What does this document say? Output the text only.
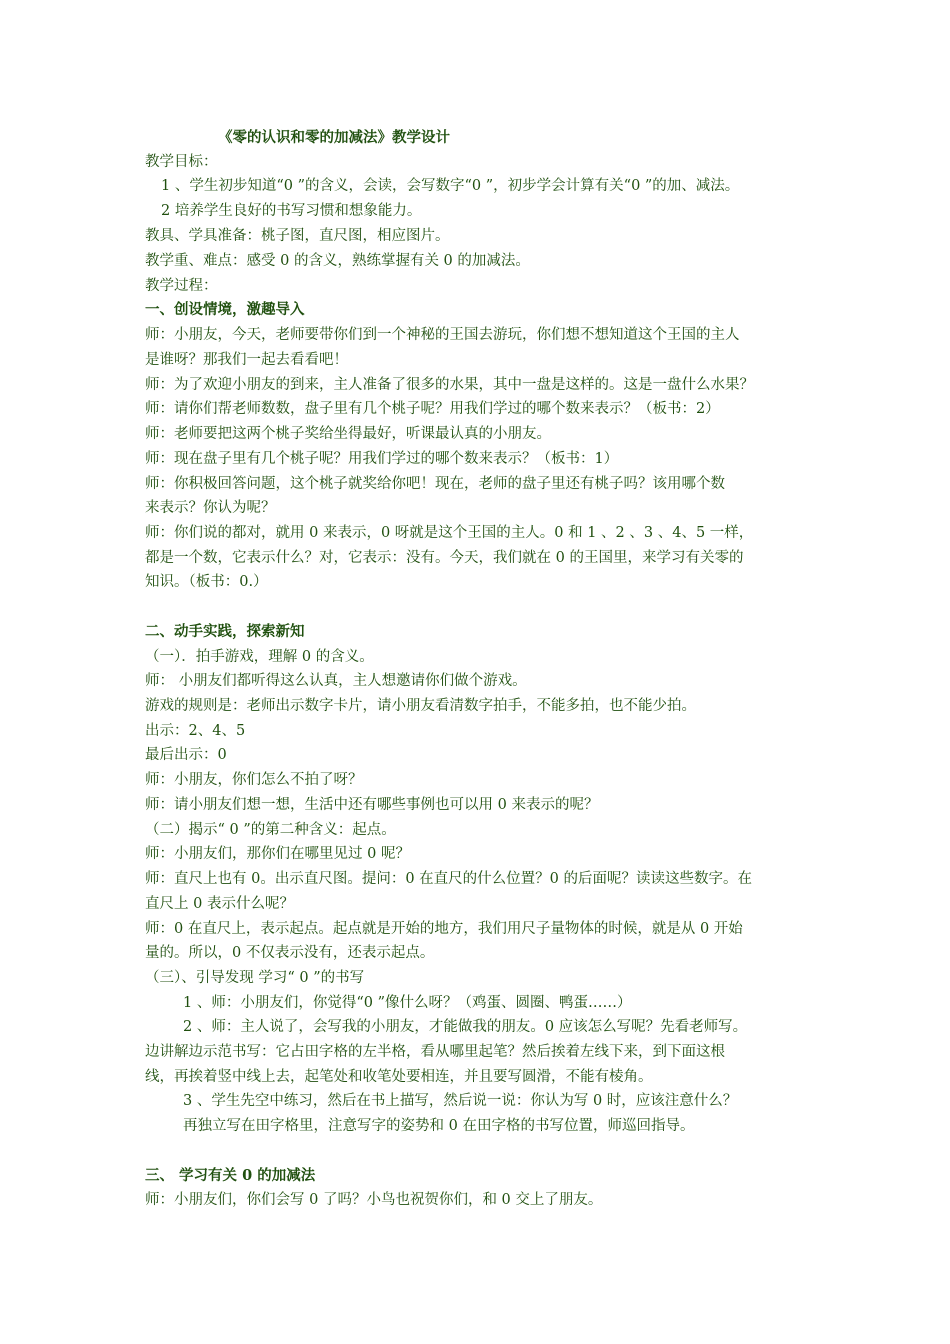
《零的认识和零的加减法》教学设计
教学目标：
1 、学生初步知道“0 ”的含义，会读，会写数字“0 ”，初步学会计算有关“0 ”的加、减法。
2 培养学生良好的书写习惯和想象能力。
教具、学具准备：桃子图，直尺图，相应图片。
教学重、难点：感受 0 的含义，熟练掌握有关 0 的加减法。
教学过程：
一、创设情境，激趣导入
师：小朋友，今天，老师要带你们到一个神秘的王国去游玩，你们想不想知道这个王国的主人
是谁呀？那我们一起去看看吧！
师：为了欢迎小朋友的到来，主人准备了很多的水果，其中一盘是这样的。这是一盘什么水果？
师：请你们帮老师数数，盘子里有几个桃子呢？用我们学过的哪个数来表示？（板书：2）
师：老师要把这两个桃子奖给坐得最好，听课最认真的小朋友。
师：现在盘子里有几个桃子呢？用我们学过的哪个数来表示？（板书：1）
师：你积极回答问题，这个桃子就奖给你吧！现在，老师的盘子里还有桃子吗？该用哪个数
来表示？你认为呢？
师：你们说的都对，就用 0 来表示，0 呀就是这个王国的主人。0 和 1 、2 、3 、4、5 一样，
都是一个数，它表示什么？对，它表示：没有。今天，我们就在 0 的王国里，来学习有关零的
知识。（板书：0.）
二、动手实践，探索新知
（一）．拍手游戏，理解 0 的含义。
师： 小朋友们都听得这么认真，主人想邀请你们做个游戏。
游戏的规则是：老师出示数字卡片，请小朋友看清数字拍手，不能多拍，也不能少拍。
出示：2、4、5
最后出示：0
师：小朋友，你们怎么不拍了呀？
师：请小朋友们想一想，生活中还有哪些事例也可以用 0 来表示的呢？
（二）揭示“ 0 ”的第二种含义：起点。
师：小朋友们，那你们在哪里见过 0 呢？
师：直尺上也有 0。出示直尺图。提问：0 在直尺的什么位置？0 的后面呢？读读这些数字。在
直尺上 0 表示什么呢？
师：0 在直尺上，表示起点。起点就是开始的地方，我们用尺子量物体的时候，就是从 0 开始
量的。所以，0 不仅表示没有，还表示起点。
（三）、引导发现 学习“ 0 ”的书写
1 、师：小朋友们，你觉得“0 ”像什么呀？（鸡蛋、圆圈、鸭蛋……）
2 、师：主人说了，会写我的小朋友，才能做我的朋友。0 应该怎么写呢？先看老师写。
边讲解边示范书写：它占田字格的左半格，看从哪里起笔？然后挨着左线下来，到下面这根
线，再挨着竖中线上去，起笔处和收笔处要相连，并且要写圆滑，不能有棱角。
3 、学生先空中练习，然后在书上描写，然后说一说：你认为写 0 时，应该注意什么？
再独立写在田字格里，注意写字的姿势和 0 在田字格的书写位置，师巡回指导。
三、 学习有关 0 的加减法
师：小朋友们，你们会写 0 了吗？小鸟也祝贺你们，和 0 交上了朋友。
